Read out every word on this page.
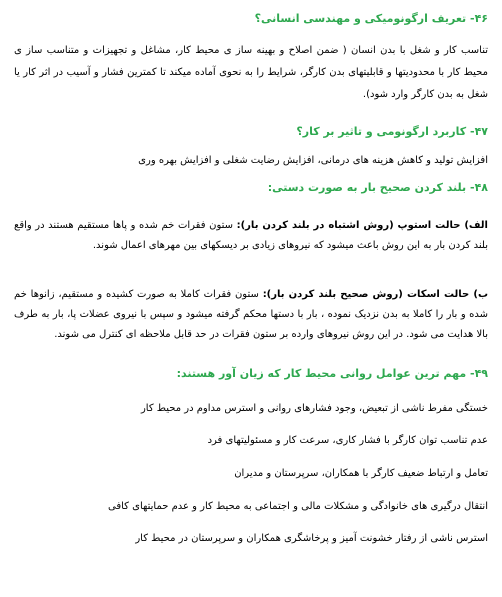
۴۶- تعریف ارگونومیکی و مهندسی انسانی؟

تناسب کار و شغل با بدن انسان ( ضمن اصلاح و بهینه ساز ی محیط کار، مشاغل و تجهیزات و متناسب ساز ی محیط کار با محدودیتها و قابلیتهای بدن کارگر، شرایط را به نحوی آماده میکند تا کمترین فشار و آسیب در اثر کار یا شغل به بدن کارگر وارد شود).

۴۷- کاربرد ارگونومی و تاثیر بر کار؟

افزایش تولید و کاهش هزینه های درمانی، افزایش رضایت شغلی و افزایش بهره وری

۴۸- بلند کردن صحیح بار به صورت دستی:

الف) حالت استوپ (روش اشتباه در بلند کردن بار): ستون فقرات خم شده و پاها مستقیم هستند در واقع بلند کردن بار به این روش باعث میشود که نیروهای زیادی بر دیسکهای بین مهرهای اعمال شوند.

ب) حالت اسکات (روش صحیح بلند کردن بار): ستون فقرات کاملا به صورت کشیده و مستقیم، زانوها خم شده و بار را کاملا به بدن نزدیک نموده ، بار با دستها محکم گرفته میشود و سپس با نیروی عضلات پا، بار به طرف بالا هدایت می شود. در این روش نیروهای وارده بر ستون فقرات در حد قابل ملاحظه ای کنترل می شوند.

۴۹- مهم ترین عوامل روانی محیط کار که زیان آور هستند:

خستگی مفرط ناشی از تبعیض، وجود فشارهای روانی و استرس مداوم در محیط کار

عدم تناسب توان کارگر با فشار کاری، سرعت کار و مسئولیتهای فرد

تعامل و ارتباط ضعیف کارگر با همکاران، سرپرستان و مدیران

انتقال درگیری های خانوادگی و مشکلات مالی و اجتماعی به محیط کار و عدم حمایتهای کافی

استرس ناشی از رفتار خشونت آمیز و پرخاشگری همکاران و سرپرستان در محیط کار
